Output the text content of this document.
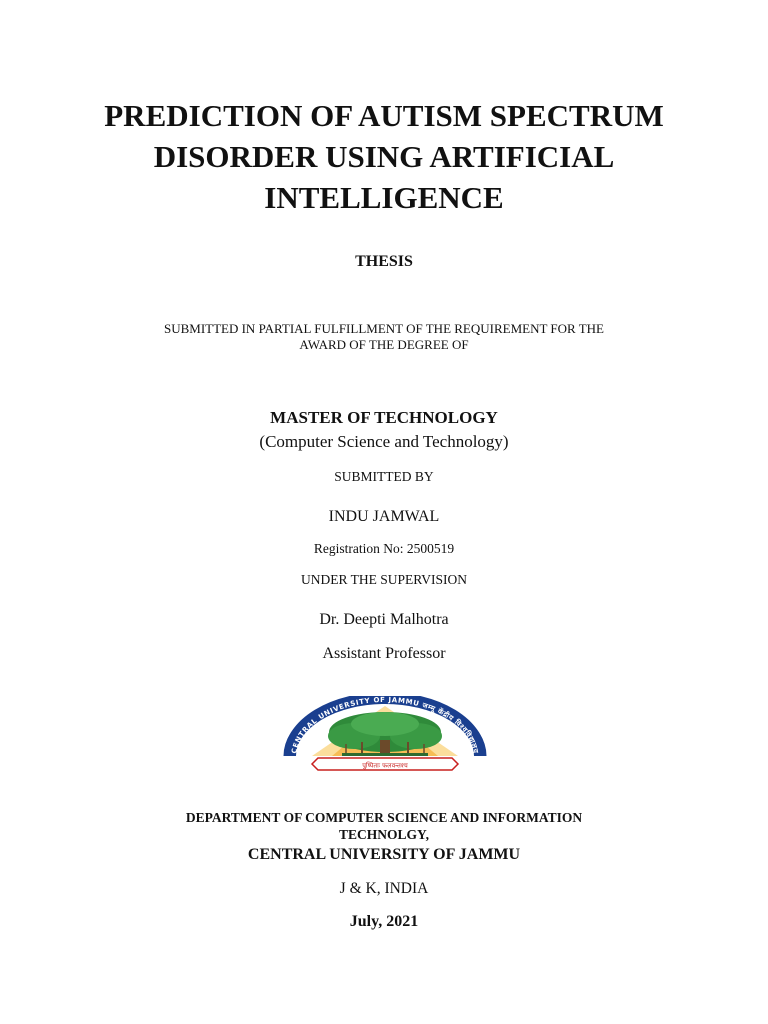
PREDICTION OF AUTISM SPECTRUM
DISORDER USING ARTIFICIAL
INTELLIGENCE
THESIS
SUBMITTED IN PARTIAL FULFILLMENT OF THE REQUIREMENT FOR THE
AWARD OF THE DEGREE OF
MASTER OF TECHNOLOGY
(Computer Science and Technology)
SUBMITTED BY
INDU JAMWAL
Registration No: 2500519
UNDER THE SUPERVISION
Dr. Deepti Malhotra
Assistant Professor
CENTRAL UNIVERSITY OF JAMMU जम्मू केंद्रीय विश्वविद्यालय
पुष्पिताः फलवन्तश्च
DEPARTMENT OF COMPUTER SCIENCE AND INFORMATION
TECHNOLGY,
CENTRAL UNIVERSITY OF JAMMU
J & K, INDIA
July, 2021
